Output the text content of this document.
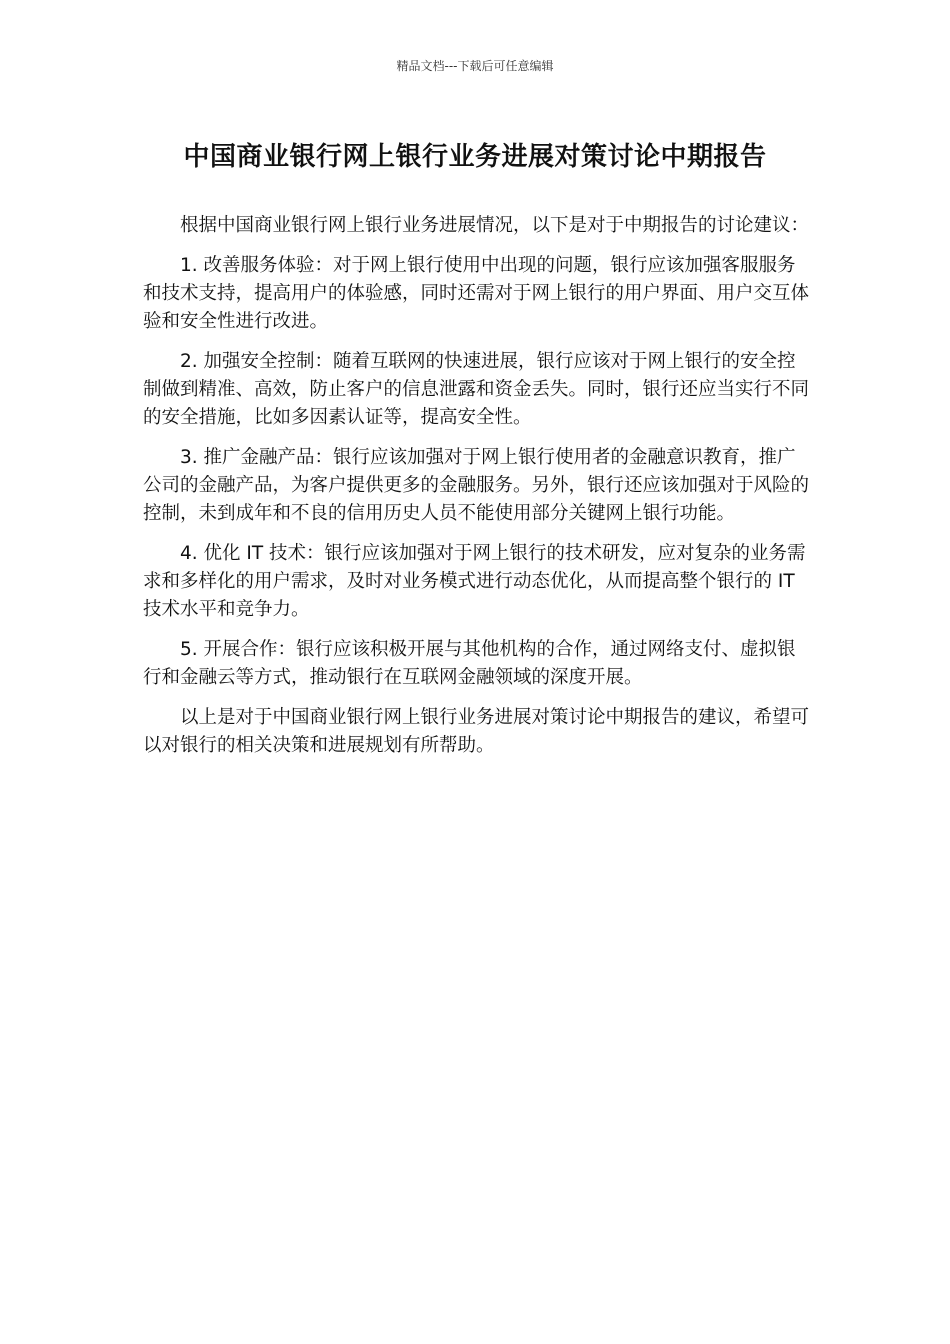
精品文档---下载后可任意编辑
中国商业银行网上银行业务进展对策讨论中期报告

根据中国商业银行网上银行业务进展情况，以下是对于中期报告的讨论建议：

1. 改善服务体验：对于网上银行使用中出现的问题，银行应该加强客服服务和技术支持，提高用户的体验感，同时还需对于网上银行的用户界面、用户交互体验和安全性进行改进。

2. 加强安全控制：随着互联网的快速进展，银行应该对于网上银行的安全控制做到精准、高效，防止客户的信息泄露和资金丢失。同时，银行还应当实行不同的安全措施，比如多因素认证等，提高安全性。

3. 推广金融产品：银行应该加强对于网上银行使用者的金融意识教育，推广公司的金融产品，为客户提供更多的金融服务。另外，银行还应该加强对于风险的控制，未到成年和不良的信用历史人员不能使用部分关键网上银行功能。

4. 优化 IT 技术：银行应该加强对于网上银行的技术研发，应对复杂的业务需求和多样化的用户需求，及时对业务模式进行动态优化，从而提高整个银行的 IT 技术水平和竞争力。

5. 开展合作：银行应该积极开展与其他机构的合作，通过网络支付、虚拟银行和金融云等方式，推动银行在互联网金融领域的深度开展。

以上是对于中国商业银行网上银行业务进展对策讨论中期报告的建议，希望可以对银行的相关决策和进展规划有所帮助。
